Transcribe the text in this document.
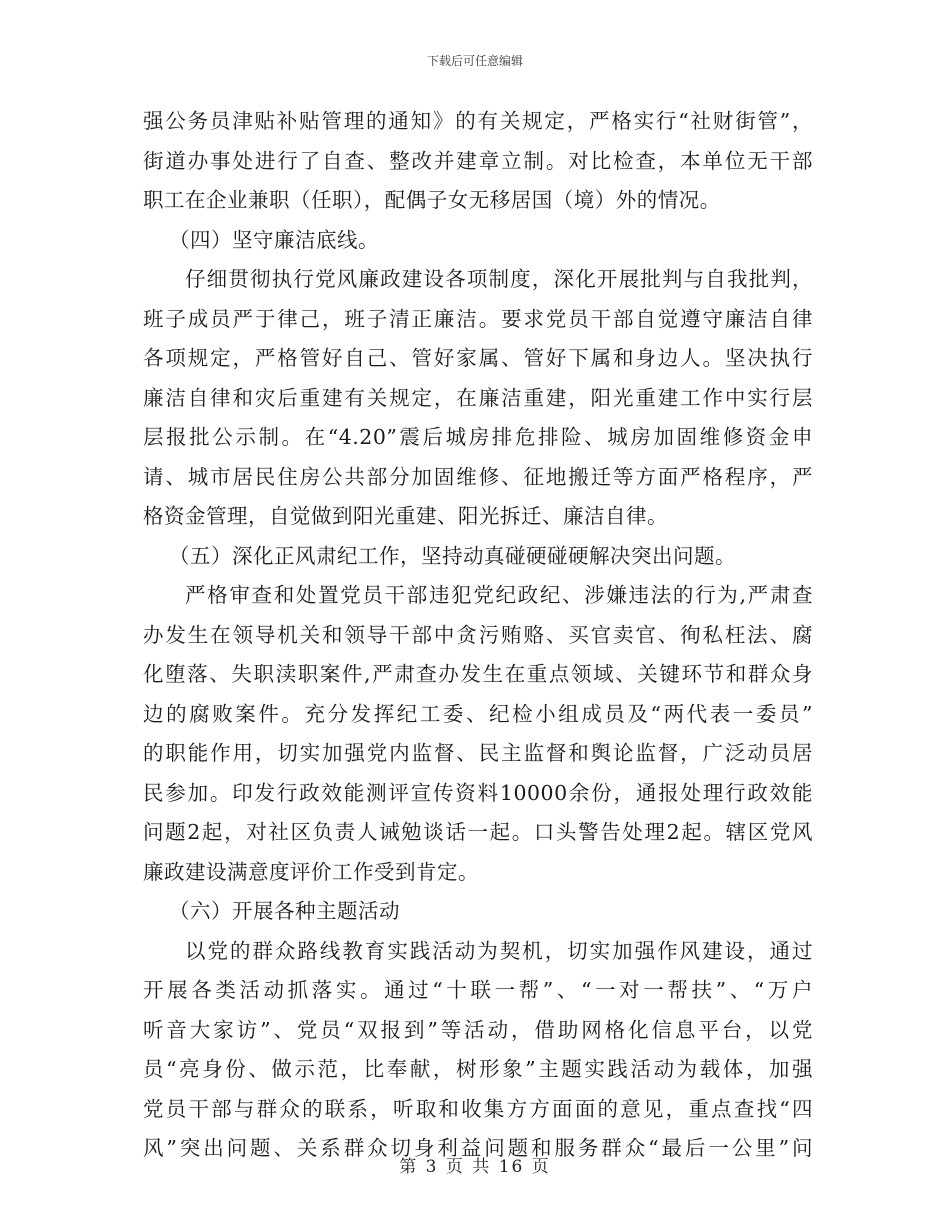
下载后可任意编辑
强公务员津贴补贴管理的通知》的有关规定，严格实行“社财街管”，
街道办事处进行了自查、整改并建章立制。对比检查，本单位无干部
职工在企业兼职（任职），配偶子女无移居国（境）外的情况。
（四）坚守廉洁底线。
仔细贯彻执行党风廉政建设各项制度，深化开展批判与自我批判，
班子成员严于律己，班子清正廉洁。要求党员干部自觉遵守廉洁自律
各项规定，严格管好自己、管好家属、管好下属和身边人。坚决执行
廉洁自律和灾后重建有关规定，在廉洁重建，阳光重建工作中实行层
层报批公示制。在“4.20”震后城房排危排险、城房加固维修资金申
请、城市居民住房公共部分加固维修、征地搬迁等方面严格程序，严
格资金管理，自觉做到阳光重建、阳光拆迁、廉洁自律。
（五）深化正风肃纪工作，坚持动真碰硬碰硬解决突出问题。
严格审查和处置党员干部违犯党纪政纪、涉嫌违法的行为,严肃查
办发生在领导机关和领导干部中贪污贿赂、买官卖官、徇私枉法、腐
化堕落、失职渎职案件,严肃查办发生在重点领域、关键环节和群众身
边的腐败案件。充分发挥纪工委、纪检小组成员及“两代表一委员”
的职能作用，切实加强党内监督、民主监督和舆论监督，广泛动员居
民参加。印发行政效能测评宣传资料10000余份，通报处理行政效能
问题2起，对社区负责人诫勉谈话一起。口头警告处理2起。辖区党风
廉政建设满意度评价工作受到肯定。
（六）开展各种主题活动
以党的群众路线教育实践活动为契机，切实加强作风建设，通过
开展各类活动抓落实。通过“十联一帮”、“一对一帮扶”、“万户
听音大家访”、党员“双报到”等活动，借助网格化信息平台，以党
员“亮身份、做示范，比奉献，树形象”主题实践活动为载体，加强
党员干部与群众的联系，听取和收集方方面面的意见，重点查找“四
风”突出问题、关系群众切身利益问题和服务群众“最后一公里”问
第 3 页 共 16 页
